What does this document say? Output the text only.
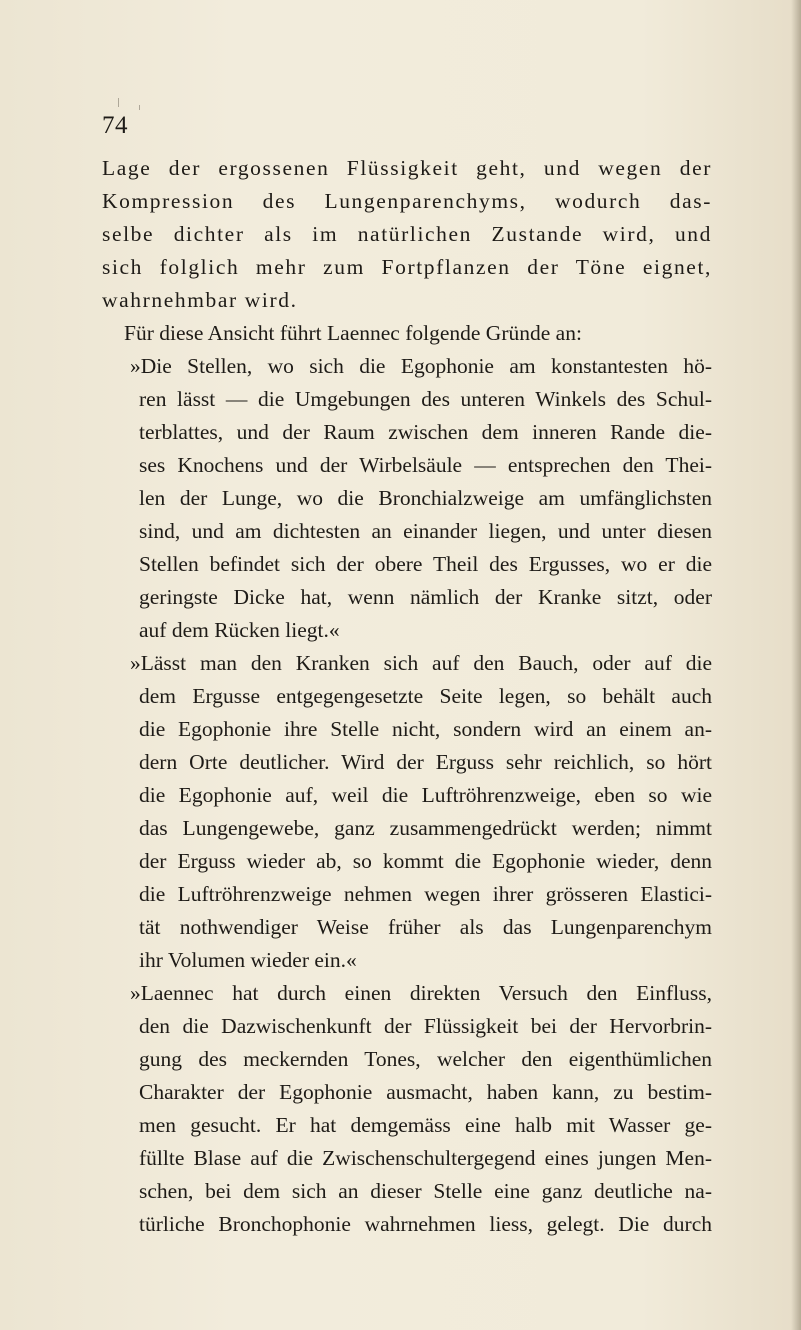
74
Lage der ergossenen Flüssigkeit geht, und wegen der
Kompression des Lungenparenchyms, wodurch das-
selbe dichter als im natürlichen Zustande wird, und
sich folglich mehr zum Fortpflanzen der Töne eignet,
wahrnehmbar wird.
Für diese Ansicht führt Laennec folgende Gründe an:
»Die Stellen, wo sich die Egophonie am konstantesten hö-
ren lässt — die Umgebungen des unteren Winkels des Schul-
terblattes, und der Raum zwischen dem inneren Rande die-
ses Knochens und der Wirbelsäule — entsprechen den Thei-
len der Lunge, wo die Bronchialzweige am umfänglichsten
sind, und am dichtesten an einander liegen, und unter diesen
Stellen befindet sich der obere Theil des Ergusses, wo er die
geringste Dicke hat, wenn nämlich der Kranke sitzt, oder
auf dem Rücken liegt.«
»Lässt man den Kranken sich auf den Bauch, oder auf die
dem Ergusse entgegengesetzte Seite legen, so behält auch
die Egophonie ihre Stelle nicht, sondern wird an einem an-
dern Orte deutlicher. Wird der Erguss sehr reichlich, so hört
die Egophonie auf, weil die Luftröhrenzweige, eben so wie
das Lungengewebe, ganz zusammengedrückt werden; nimmt
der Erguss wieder ab, so kommt die Egophonie wieder, denn
die Luftröhrenzweige nehmen wegen ihrer grösseren Elastici-
tät nothwendiger Weise früher als das Lungenparenchym
ihr Volumen wieder ein.«
»Laennec hat durch einen direkten Versuch den Einfluss,
den die Dazwischenkunft der Flüssigkeit bei der Hervorbrin-
gung des meckernden Tones, welcher den eigenthümlichen
Charakter der Egophonie ausmacht, haben kann, zu bestim-
men gesucht. Er hat demgemäss eine halb mit Wasser ge-
füllte Blase auf die Zwischenschultergegend eines jungen Men-
schen, bei dem sich an dieser Stelle eine ganz deutliche na-
türliche Bronchophonie wahrnehmen liess, gelegt. Die durch
